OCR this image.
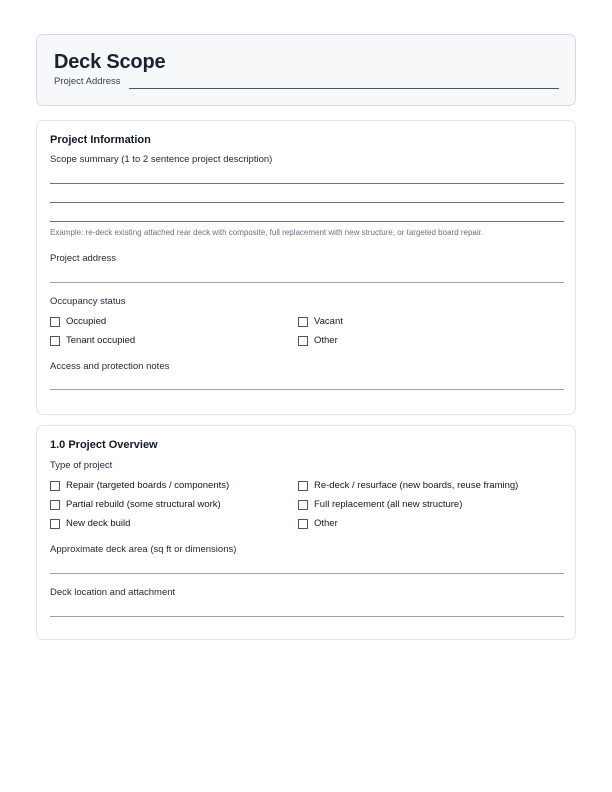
Deck Scope
Project Address
Project Information
Scope summary (1 to 2 sentence project description)
Example: re-deck existing attached rear deck with composite, full replacement with new structure, or targeted board repair.
Project address
Occupancy status
Occupied	Vacant
Tenant occupied	Other
Access and protection notes
1.0 Project Overview
Type of project
Repair (targeted boards / components)	Re-deck / resurface (new boards, reuse framing)
Partial rebuild (some structural work)	Full replacement (all new structure)
New deck build	Other
Approximate deck area (sq ft or dimensions)
Deck location and attachment
